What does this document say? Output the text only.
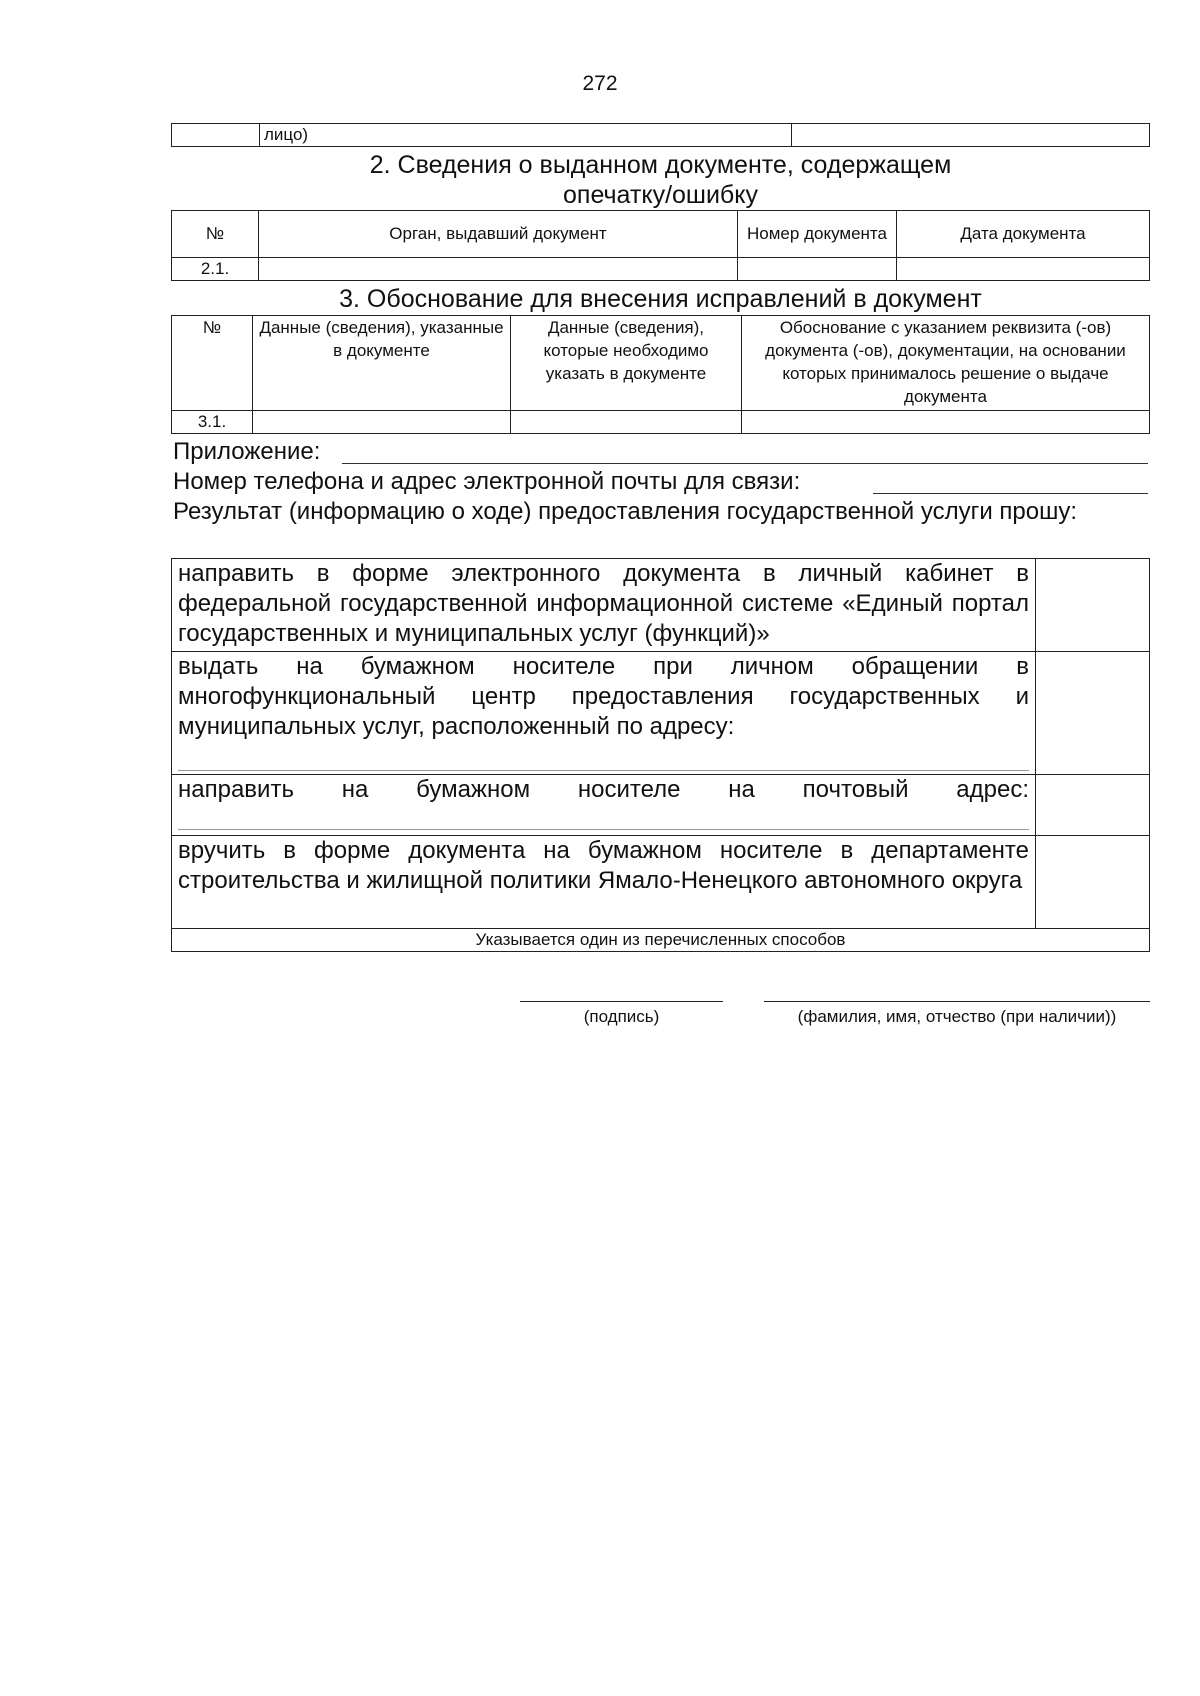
272
	лицо)	
2. Сведения о выданном документе, содержащем
опечатку/ошибку
№	Орган, выдавший документ	Номер документа	Дата документа
2.1.			
3. Обоснование для внесения исправлений в документ
№	Данные (сведения), указанные в документе	Данные (сведения), которые необходимо указать в документе	Обоснование с указанием реквизита (-ов) документа (-ов), документации, на основании которых принималось решение о выдаче документа
3.1.			
Приложение:
Номер телефона и адрес электронной почты для связи:
Результат (информацию о ходе) предоставления государственной услуги прошу:
направить в форме электронного документа в личный кабинет в федеральной государственной информационной системе «Единый портал государственных и муниципальных услуг (функций)»	

выдать на бумажном носителе при личном обращении в многофункциональный центр предоставления государственных и муниципальных услуг, расположенный по адресу:	

направить на бумажном носителе на почтовый адрес:	

вручить в форме документа на бумажном носителе в департаменте строительства и жилищной политики Ямало-Ненецкого автономного округа	
Указывается один из перечисленных способов	
(подпись)	(фамилия, имя, отчество (при наличии))
